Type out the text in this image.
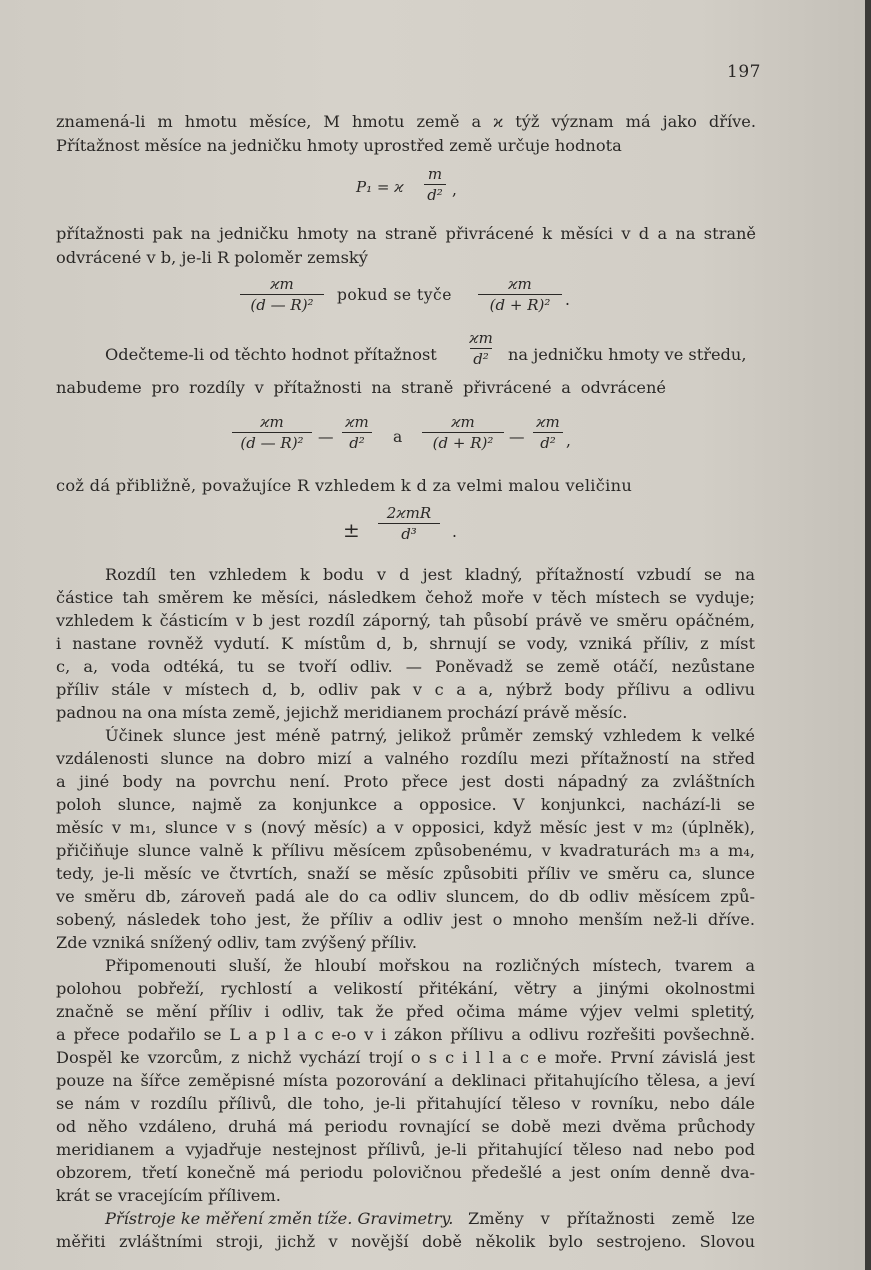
197
znamená-li m hmotu měsíce, M hmotu země a ϰ týž význam má jako dříve.
Přítažnost měsíce na jedničku hmoty uprostřed země určuje hodnota
P₁ = ϰ
m
d² ,
přítažnosti pak na jedničku hmoty na straně přivrácené k měsíci v d a na straně
odvrácené v b, je-li R poloměr zemský
ϰm
(d — R)²
pokud se tyče
ϰm
(d + R)² .
Odečteme-li od těchto hodnot přítažnost
ϰm
d² na jedničku hmoty ve středu,
nabudeme pro rozdíly v přítažnosti na straně přivrácené a odvrácené
ϰm
(d — R)² —
ϰm
d² a
ϰm
(d + R)² —
ϰm
d² ,
což dá přibližně, považujíce R vzhledem k d za velmi malou veličinu
±
2ϰmR
d³ .
Rozdíl ten vzhledem k bodu v d jest kladný, přítažností vzbudí se na
částice tah směrem ke měsíci, následkem čehož moře v těch místech se vyduje;
vzhledem k částicím v b jest rozdíl záporný, tah působí právě ve směru opáčném,
i nastane rovněž vydutí. K místům d, b, shrnují se vody, vzniká příliv, z míst
c, a, voda odtéká, tu se tvoří odliv. — Poněvadž se země otáčí, nezůstane
příliv stále v místech d, b, odliv pak v c a a, nýbrž body přílivu a odlivu
padnou na ona místa země, jejichž meridianem prochází právě měsíc.
Účinek slunce jest méně patrný, jelikož průměr zemský vzhledem k velké
vzdálenosti slunce na dobro mizí a valného rozdílu mezi přítažností na střed
a jiné body na povrchu není. Proto přece jest dosti nápadný za zvláštních
poloh slunce, najmě za konjunkce a opposice. V konjunkci, nachází-li se
měsíc v m₁, slunce v s (nový měsíc) a v opposici, když měsíc jest v m₂ (úplněk),
přičiňuje slunce valně k přílivu měsícem způsobenému, v kvadraturách m₃ a m₄,
tedy, je-li měsíc ve čtvrtích, snaží se měsíc způsobiti příliv ve směru ca, slunce
ve směru db, zároveň padá ale do ca odliv sluncem, do db odliv měsícem způ-
sobený, následek toho jest, že příliv a odliv jest o mnoho menším než-li dříve.
Zde vzniká snížený odliv, tam zvýšený příliv.
Připomenouti sluší, že hloubí mořskou na rozličných místech, tvarem a
polohou pobřeží, rychlostí a velikostí přitékání, větry a jinými okolnostmi
značně se mění příliv i odliv, tak že před očima máme výjev velmi spletitý,
a přece podařilo se L a p l a c e-o v i zákon přílivu a odlivu rozřešiti povšechně.
Dospěl ke vzorcům, z nichž vychází trojí o s c i l l a c e moře. První závislá jest
pouze na šířce zeměpisné místa pozorování a deklinaci přitahujícího tělesa, a jeví
se nám v rozdílu přílivů, dle toho, je-li přitahující těleso v rovníku, nebo dále
od něho vzdáleno, druhá má periodu rovnající se době mezi dvěma průchody
meridianem a vyjadřuje nestejnost přílivů, je-li přitahující těleso nad nebo pod
obzorem, třetí konečně má periodu polovičnou předešlé a jest oním denně dva-
krát se vracejícím přílivem.
Přístroje ke měření změn tíže. Gravimetry. Změny v přítažnosti země lze
měřiti zvláštními stroji, jichž v novější době několik bylo sestrojeno. Slovou
